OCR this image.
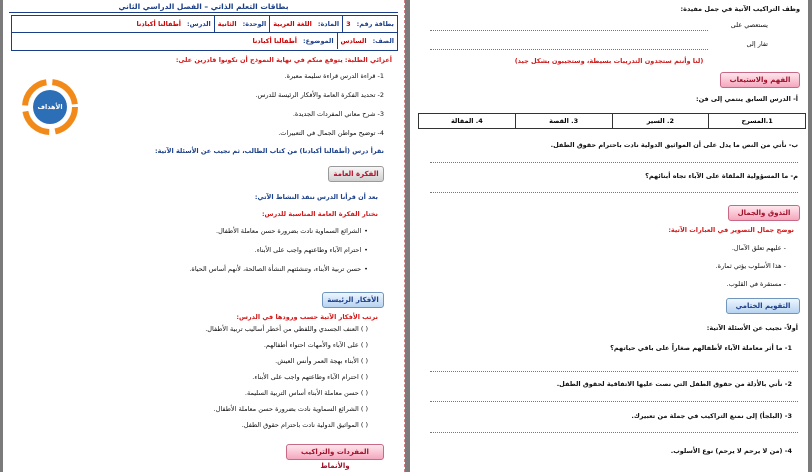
بطاقات التعلم الذاتي – الفصل الدراسي الثاني
بطاقة رقم:
3
المادة:
اللغة العربية
الوحدة:
الثانية
الدرس:
أطفالنا أكبادنا
الصف:
السادس
الموضوع:
أطفالنا أكبادنا
أعزائي الطلبة: يتوقع منكم في نهاية النموذج أن تكونوا قادرين على:
الأهداف
1- قراءة الدرس قراءة سليمة معبرة.
2- تحديد الفكرة العامة والأفكار الرئيسة للدرس.
3- شرح معاني المفردات الجديدة.
4- توضيح مواطن الجمال في التعبيرات.
نقرأ درس (أطفالنا أكبادنا) من كتاب الطالب، ثم نجيب عن الأسئلة الآتية:
الفكرة العامة
بعد أن قرأنا الدرس ننفذ النشاط الآتي:
نختار الفكرة العامة المناسبة للدرس:
• الشرائع السماوية نادت بضرورة حسن معاملة الأطفال.
• احترام الآباء وطاعتهم واجب على الأبناء.
• حسن تربية الأبناء، وتنشئتهم النشأة الصالحة، لأنهم أساس الحياة.
الأفكار الرئيسة
نرتب الأفكار الآتية حسب ورودها في الدرس:
( ) العنف الجسدي واللفظي من أخطر أساليب تربية الأطفال.
( ) على الآباء والأمهات احتواء أطفالهم.
( ) الأبناء بهجة العمر وأنس العيش.
( ) احترام الآباء وطاعتهم واجب على الأبناء.
( ) حسن معاملة الأبناء أساس التربية السليمة.
( ) الشرائع السماوية نادت بضرورة حسن معاملة الأطفال.
( ) المواثيق الدولية نادت باحترام حقوق الطفل.
المفردات والتراكيب والأنماط
وظف التراكيب الآتية في جمل مفيدة:
يستعصي على
تفار إلى
(لنا وأنتم ستجدون التدريبات بسيطة، وستجيبون بشكل جيد)
الفهم والاستيعاب
أ- الدرس السابق ينتمي إلى فن:
1.المسرح
2. السير
3. القصة
4. المقالة
ب- نأتي من النص ما يدل على أن المواثيق الدولية نادت باحترام حقوق الطفل.
م- ما المسؤولية الملقاة على الآباء تجاه أبنائهم؟
التذوق والجمال
نوضح جمال التصوير في العبارات الآتية:
- عليهم تعلق الآمال.
- هذا الأسلوب يؤتي ثمارة.
- مستقرة في القلوب.
التقويم الختامي
أولاً- نجيب عن الأسئلة الآتية:
1- ما أثر معاملة الآباء لأطفالهم صغاراً على باقي حياتهم؟
2- نأتي بالأدلة من حقوق الطفل التي نصت عليها الاتفاقية لحقوق الطفل.
3- (البلجأ) إلى نمنع التراكيب في جملة من تعبيرك.
4- (من لا يرحم لا يرحم) نوع الأسلوب.
